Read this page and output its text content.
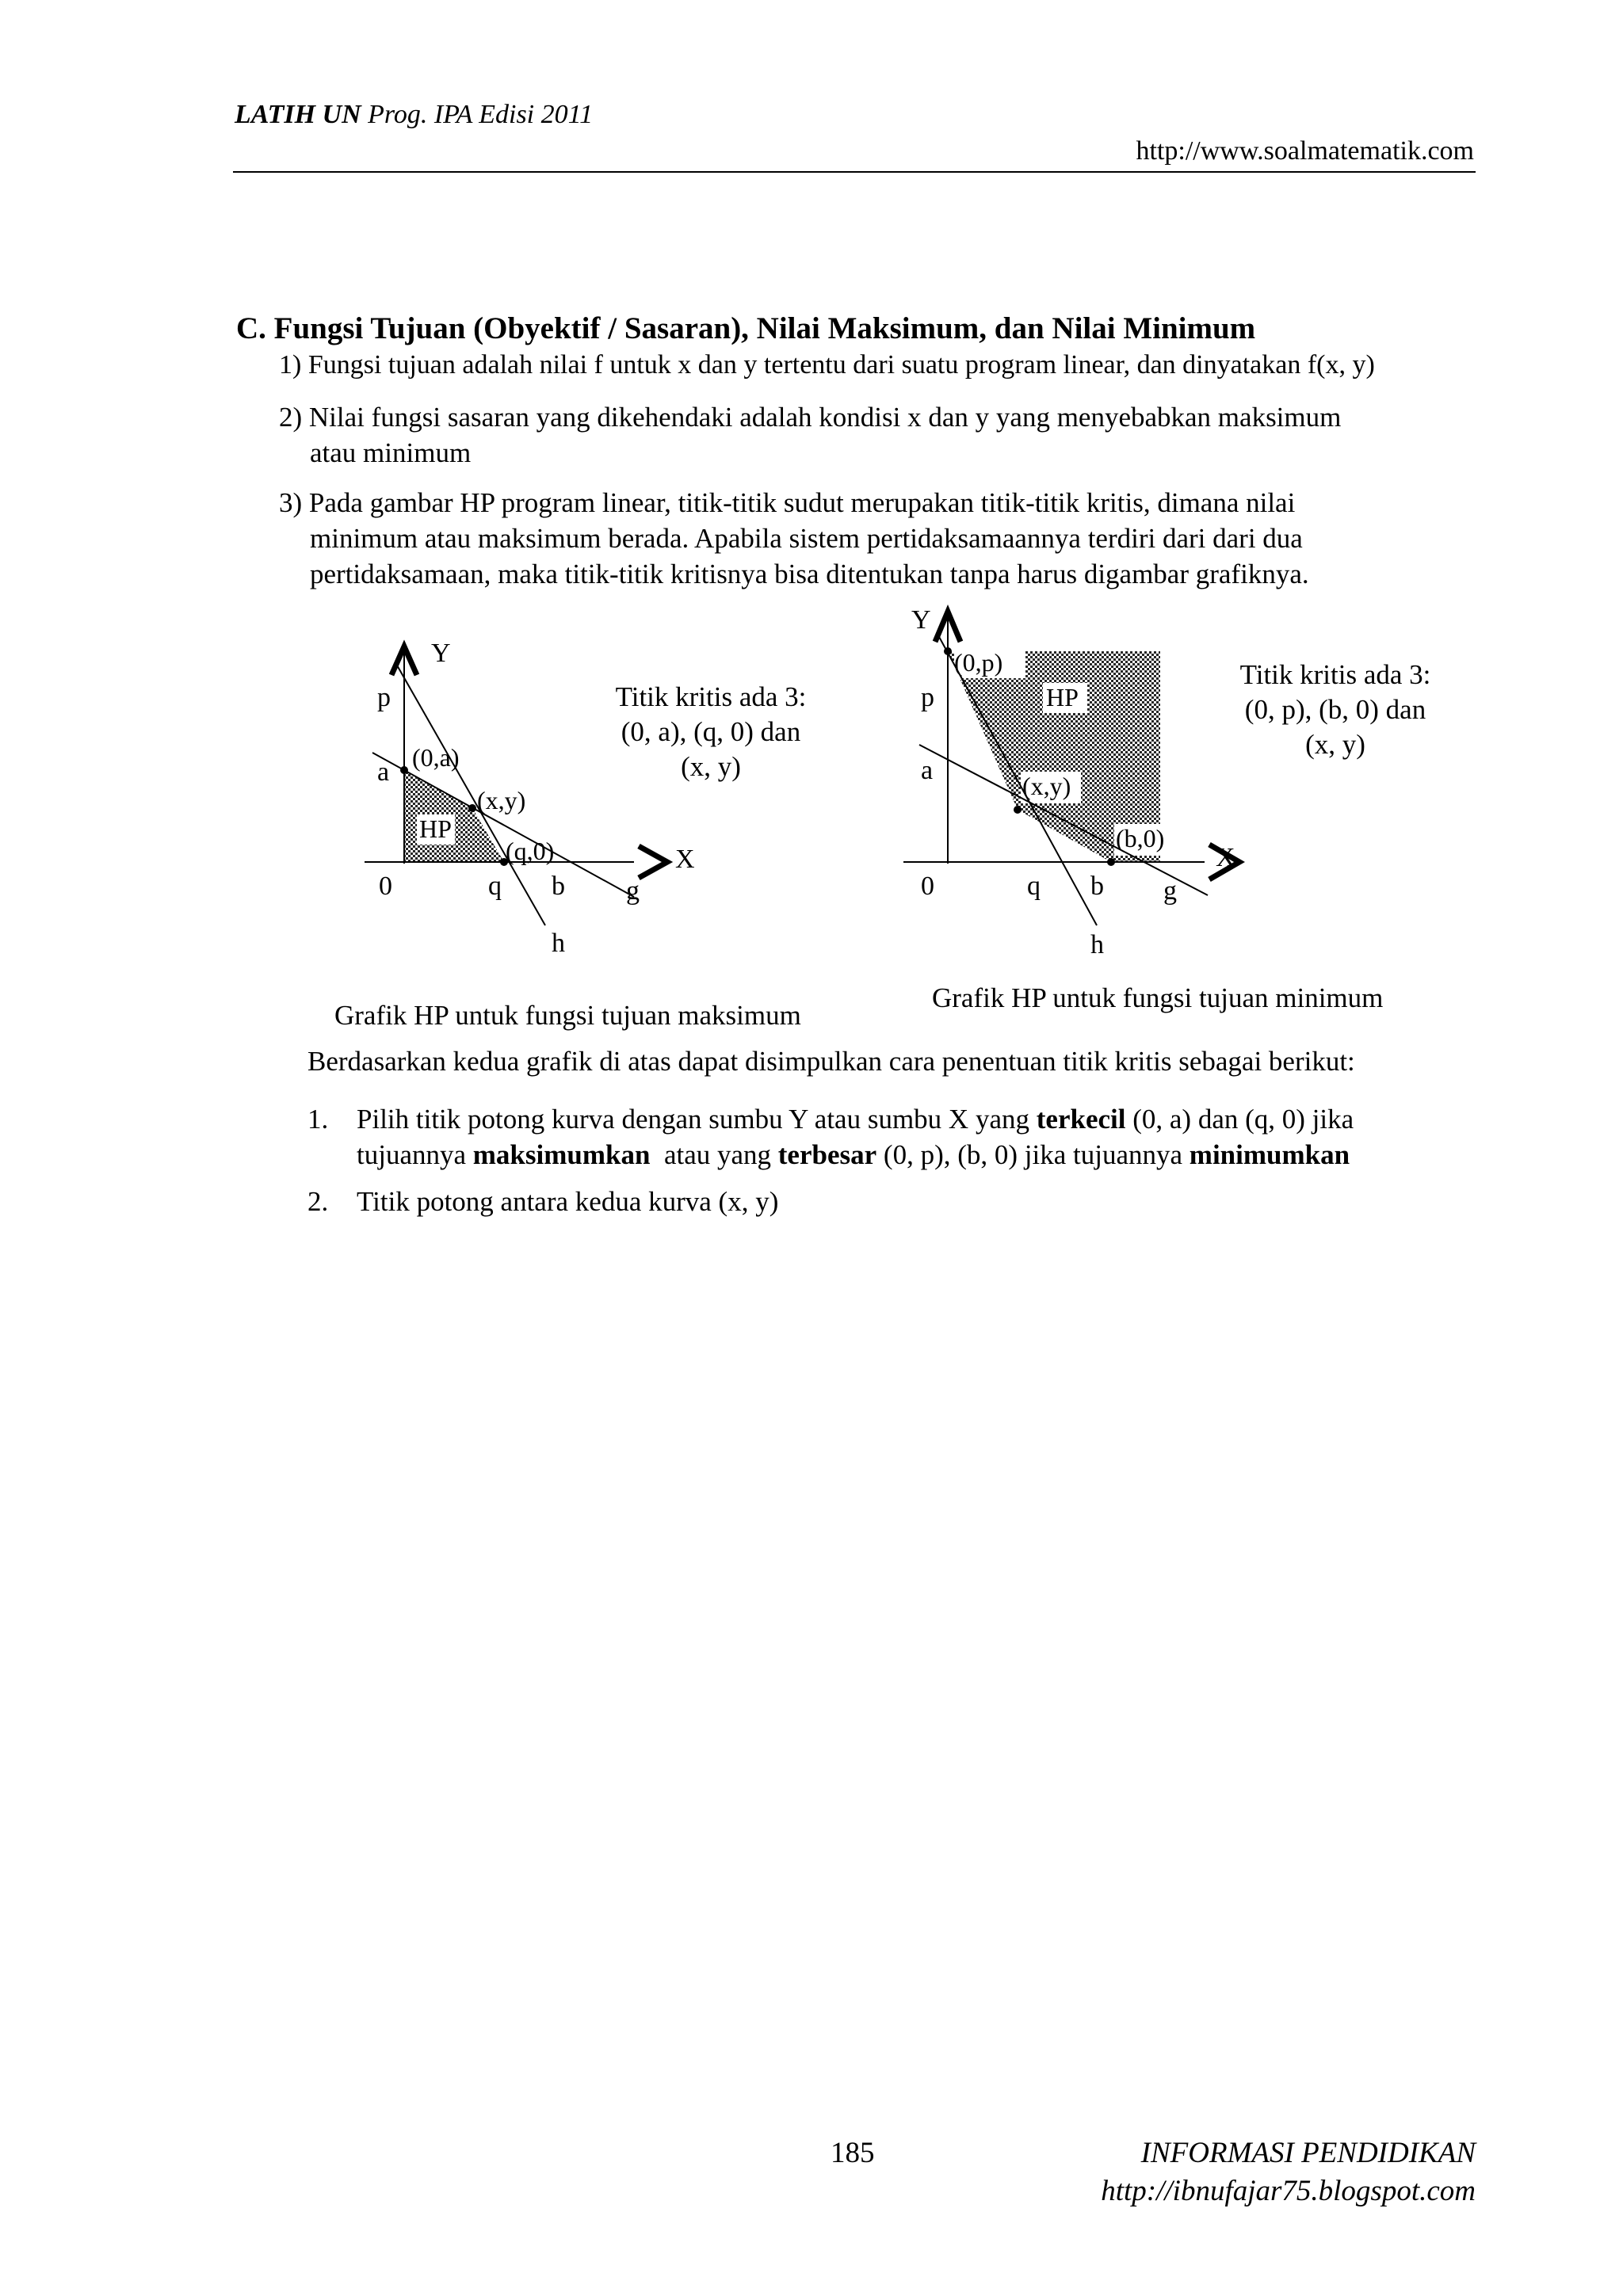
LATIH UN Prog. IPA Edisi 2011
http://www.soalmatematik.com
C. Fungsi Tujuan (Obyektif / Sasaran), Nilai Maksimum, dan Nilai Minimum
1) Fungsi tujuan adalah nilai f untuk x dan y tertentu dari suatu program linear, dan dinyatakan f(x, y)
2) Nilai fungsi sasaran yang dikehendaki adalah kondisi x dan y yang menyebabkan maksimum
atau minimum
3) Pada gambar HP program linear, titik-titik sudut merupakan titik-titik kritis, dimana nilai
minimum atau maksimum berada. Apabila sistem pertidaksamaannya terdiri dari dari dua
pertidaksamaan, maka titik-titik kritisnya bisa ditentukan tanpa harus digambar grafiknya.
Y
p
a (0,a)
(x,y)
HP
(q,0)	X
0	q b g
h
Titik kritis ada 3:
(0, a), (q, 0) dan
(x, y)
Y
(0,p)
p	HP
a
(x,y)
(b,0)
X
0	q b g
h
Titik kritis ada 3:
(0, p), (b, 0) dan
(x, y)
Grafik HP untuk fungsi tujuan maksimum
Grafik HP untuk fungsi tujuan minimum
Berdasarkan kedua grafik di atas dapat disimpulkan cara penentuan titik kritis sebagai berikut:
1. Pilih titik potong kurva dengan sumbu Y atau sumbu X yang terkecil (0, a) dan (q, 0) jika
tujuannya maksimumkan  atau yang terbesar (0, p), (b, 0) jika tujuannya minimumkan
2. Titik potong antara kedua kurva (x, y)
185	INFORMASI PENDIDIKAN
http://ibnufajar75.blogspot.com
